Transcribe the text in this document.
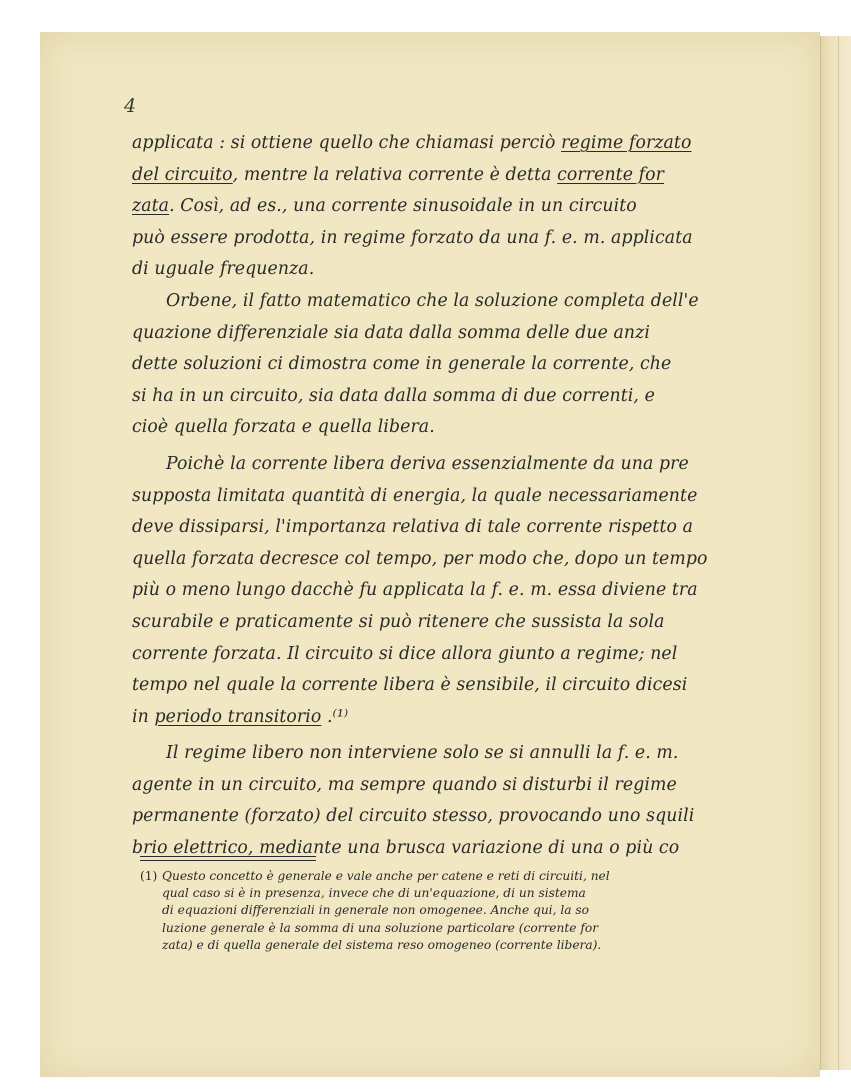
4
applicata : si ottiene quello che chiamasi perciò regime forzato
del circuito, mentre la relativa corrente è detta corrente for
zata. Così, ad es., una corrente sinusoidale in un circuito
può essere prodotta, in regime forzato da una f. e. m. applicata
di uguale frequenza.
Orbene, il fatto matematico che la soluzione completa dell'e
quazione differenziale sia data dalla somma delle due anzi
dette soluzioni ci dimostra come in generale la corrente, che
si ha in un circuito, sia data dalla somma di due correnti, e
cioè quella forzata e quella libera.
Poichè la corrente libera deriva essenzialmente da una pre
supposta limitata quantità di energia, la quale necessariamente
deve dissiparsi, l'importanza relativa di tale corrente rispetto a
quella forzata decresce col tempo, per modo che, dopo un tempo
più o meno lungo dacchè fu applicata la f. e. m. essa diviene tra
scurabile e praticamente si può ritenere che sussista la sola
corrente forzata. Il circuito si dice allora giunto a regime; nel
tempo nel quale la corrente libera è sensibile, il circuito dicesi
in periodo transitorio .⁽¹⁾
Il regime libero non interviene solo se si annulli la f. e. m.
agente in un circuito, ma sempre quando si disturbi il regime
permanente (forzato) del circuito stesso, provocando uno squili
brio elettrico, mediante una brusca variazione di una o più co
(1) Questo concetto è generale e vale anche per catene e reti di circuiti, nel
qual caso si è in presenza, invece che di un'equazione, di un sistema
di equazioni differenziali in generale non omogenee. Anche qui, la so
luzione generale è la somma di una soluzione particolare (corrente for
zata) e di quella generale del sistema reso omogeneo (corrente libera).
